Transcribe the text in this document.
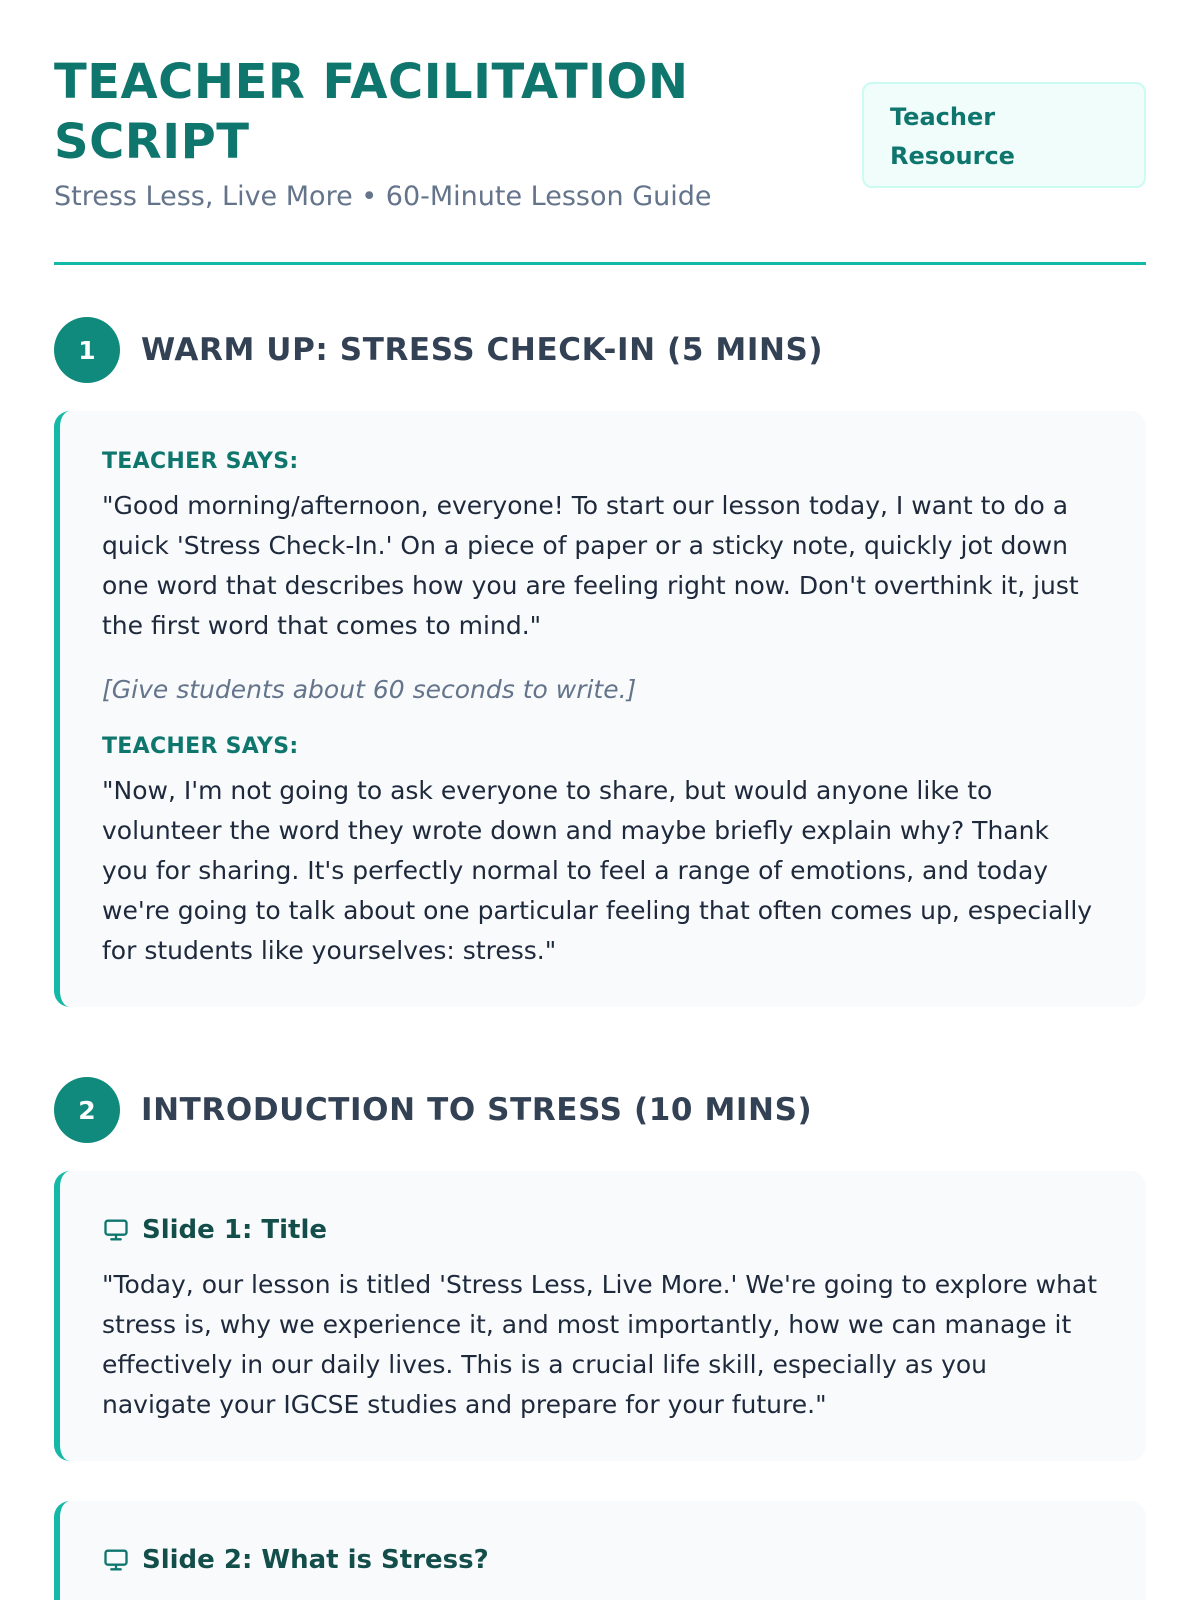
TEACHER FACILITATION SCRIPT
Stress Less, Live More • 60-Minute Lesson Guide
Teacher
Resource
1	WARM UP: STRESS CHECK-IN (5 MINS)
TEACHER SAYS:

"Good morning/afternoon, everyone! To start our lesson today, I want to do a quick 'Stress Check-In.' On a piece of paper or a sticky note, quickly jot down one word that describes how you are feeling right now. Don't overthink it, just the first word that comes to mind."

[Give students about 60 seconds to write.]

TEACHER SAYS:

"Now, I'm not going to ask everyone to share, but would anyone like to volunteer the word they wrote down and maybe briefly explain why? Thank you for sharing. It's perfectly normal to feel a range of emotions, and today we're going to talk about one particular feeling that often comes up, especially for students like yourselves: stress."

2	INTRODUCTION TO STRESS (10 MINS)
Slide 1: Title

"Today, our lesson is titled 'Stress Less, Live More.' We're going to explore what stress is, why we experience it, and most importantly, how we can manage it effectively in our daily lives. This is a crucial life skill, especially as you navigate your IGCSE studies and prepare for your future."

Slide 2: What is Stress?
